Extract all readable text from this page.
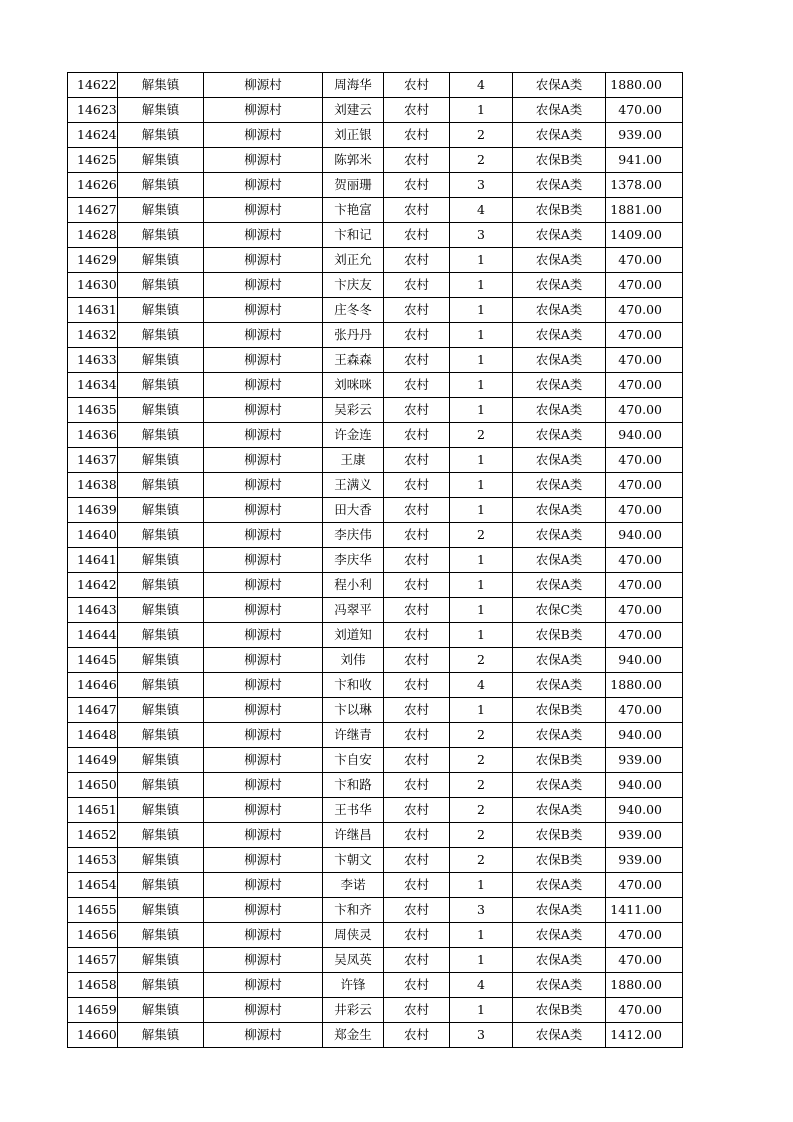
14622	解集镇	柳源村	周海华	农村	4	农保A类	1880.00
14623	解集镇	柳源村	刘建云	农村	1	农保A类	470.00
14624	解集镇	柳源村	刘正银	农村	2	农保A类	939.00
14625	解集镇	柳源村	陈郭米	农村	2	农保B类	941.00
14626	解集镇	柳源村	贺丽珊	农村	3	农保A类	1378.00
14627	解集镇	柳源村	卞艳富	农村	4	农保B类	1881.00
14628	解集镇	柳源村	卞和记	农村	3	农保A类	1409.00
14629	解集镇	柳源村	刘正允	农村	1	农保A类	470.00
14630	解集镇	柳源村	卞庆友	农村	1	农保A类	470.00
14631	解集镇	柳源村	庄冬冬	农村	1	农保A类	470.00
14632	解集镇	柳源村	张丹丹	农村	1	农保A类	470.00
14633	解集镇	柳源村	王森森	农村	1	农保A类	470.00
14634	解集镇	柳源村	刘咪咪	农村	1	农保A类	470.00
14635	解集镇	柳源村	吴彩云	农村	1	农保A类	470.00
14636	解集镇	柳源村	许金连	农村	2	农保A类	940.00
14637	解集镇	柳源村	王康	农村	1	农保A类	470.00
14638	解集镇	柳源村	王满义	农村	1	农保A类	470.00
14639	解集镇	柳源村	田大香	农村	1	农保A类	470.00
14640	解集镇	柳源村	李庆伟	农村	2	农保A类	940.00
14641	解集镇	柳源村	李庆华	农村	1	农保A类	470.00
14642	解集镇	柳源村	程小利	农村	1	农保A类	470.00
14643	解集镇	柳源村	冯翠平	农村	1	农保C类	470.00
14644	解集镇	柳源村	刘道知	农村	1	农保B类	470.00
14645	解集镇	柳源村	刘伟	农村	2	农保A类	940.00
14646	解集镇	柳源村	卞和收	农村	4	农保A类	1880.00
14647	解集镇	柳源村	卞以琳	农村	1	农保B类	470.00
14648	解集镇	柳源村	许继青	农村	2	农保A类	940.00
14649	解集镇	柳源村	卞自安	农村	2	农保B类	939.00
14650	解集镇	柳源村	卞和路	农村	2	农保A类	940.00
14651	解集镇	柳源村	王书华	农村	2	农保A类	940.00
14652	解集镇	柳源村	许继昌	农村	2	农保B类	939.00
14653	解集镇	柳源村	卞朝文	农村	2	农保B类	939.00
14654	解集镇	柳源村	李诺	农村	1	农保A类	470.00
14655	解集镇	柳源村	卞和齐	农村	3	农保A类	1411.00
14656	解集镇	柳源村	周侠灵	农村	1	农保A类	470.00
14657	解集镇	柳源村	吴凤英	农村	1	农保A类	470.00
14658	解集镇	柳源村	许锋	农村	4	农保A类	1880.00
14659	解集镇	柳源村	井彩云	农村	1	农保B类	470.00
14660	解集镇	柳源村	郑金生	农村	3	农保A类	1412.00
